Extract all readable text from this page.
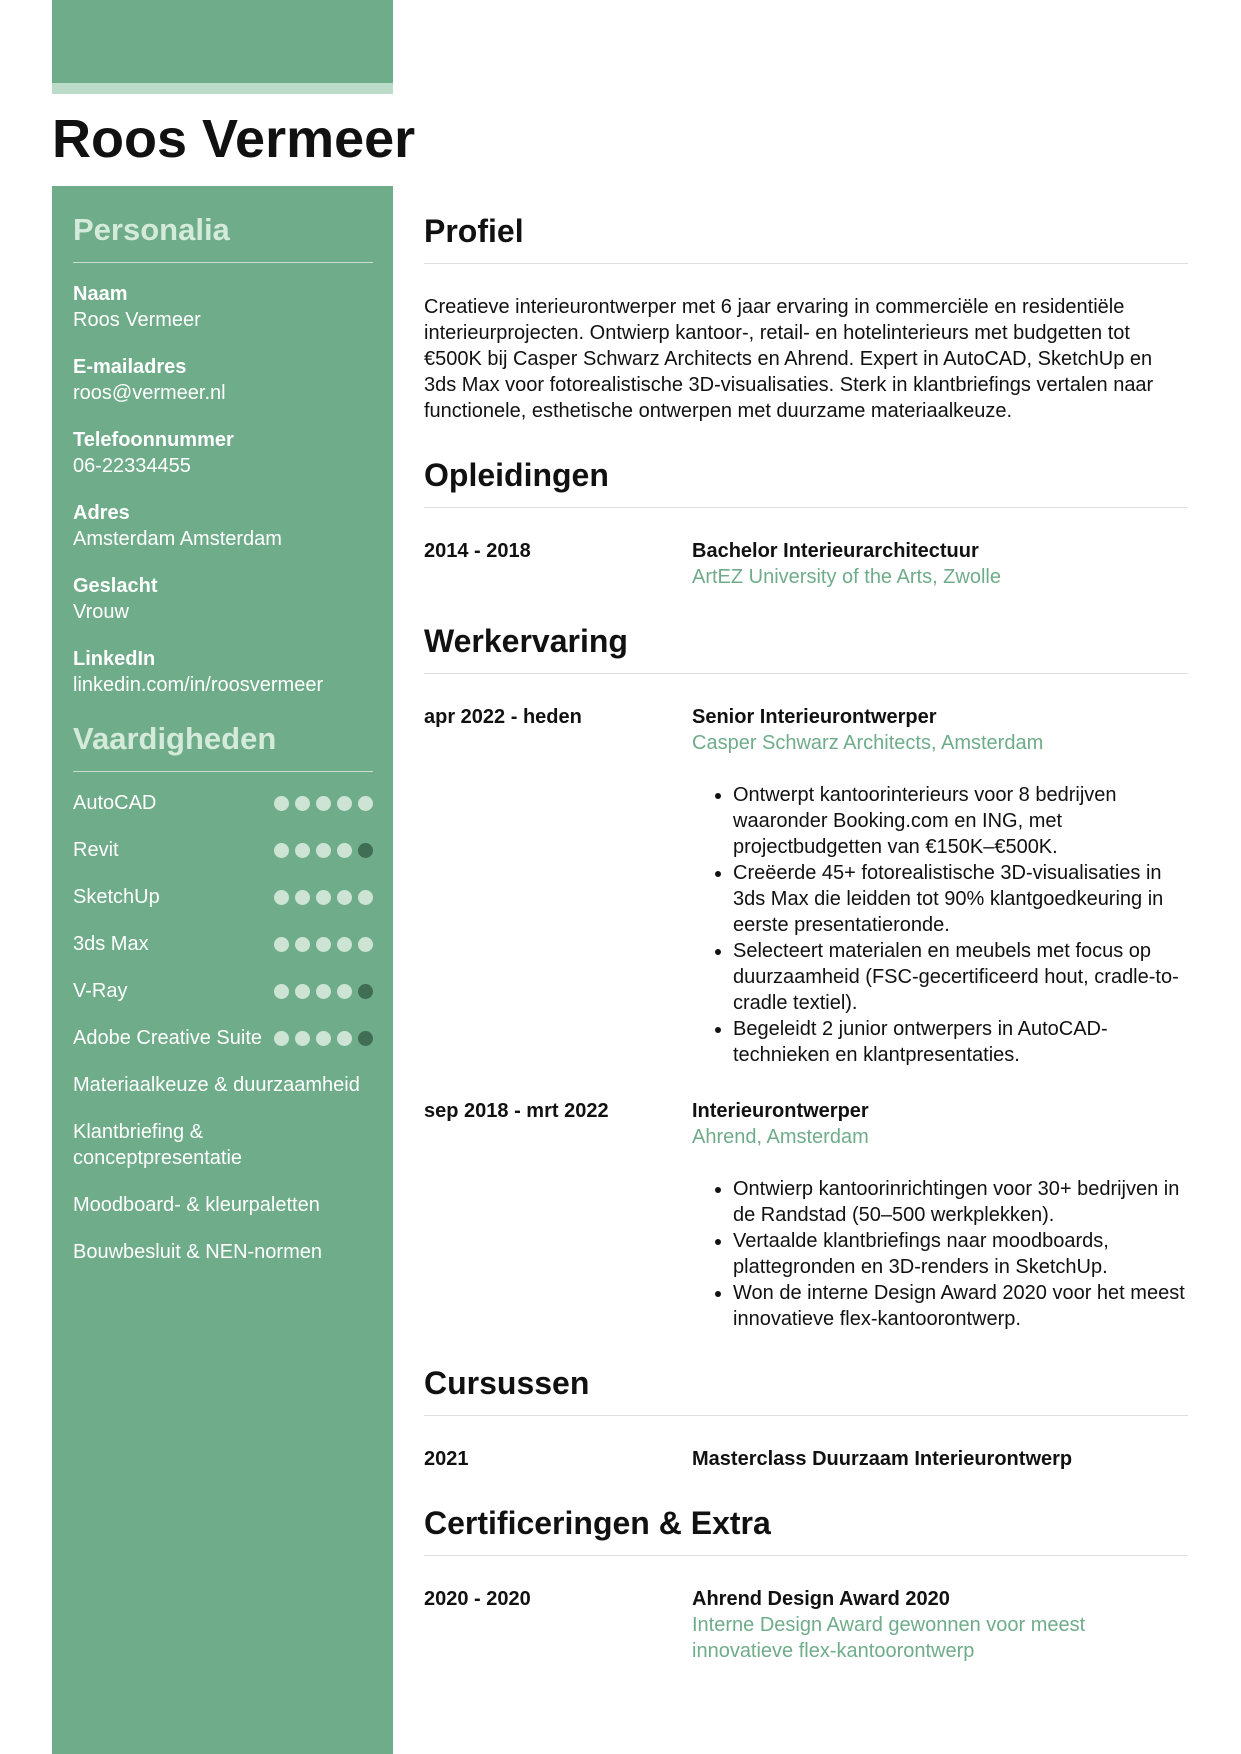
Roos Vermeer
Personalia
Naam
Roos Vermeer
E-mailadres
roos@vermeer.nl
Telefoonnummer
06-22334455
Adres
Amsterdam Amsterdam
Geslacht
Vrouw
LinkedIn
linkedin.com/in/roosvermeer
Vaardigheden
AutoCAD
Revit
SketchUp
3ds Max
V-Ray
Adobe Creative Suite
Materiaalkeuze & duurzaamheid
Klantbriefing & conceptpresentatie
Moodboard- & kleurpaletten
Bouwbesluit & NEN-normen
Profiel

Creatieve interieurontwerper met 6 jaar ervaring in commerciële en residentiële interieurprojecten. Ontwierp kantoor-, retail- en hotelinterieurs met budgetten tot €500K bij Casper Schwarz Architects en Ahrend. Expert in AutoCAD, SketchUp en 3ds Max voor fotorealistische 3D-visualisaties. Sterk in klantbriefings vertalen naar functionele, esthetische ontwerpen met duurzame materiaalkeuze.

Opleidingen
2014 - 2018	Bachelor Interieurarchitectuur
ArtEZ University of the Arts, Zwolle
Werkervaring
apr 2022 - heden	Senior Interieurontwerper
Casper Schwarz Architects, Amsterdam
• Ontwerpt kantoorinterieurs voor 8 bedrijven waaronder Booking.com en ING, met projectbudgetten van €150K–€500K.
• Creëerde 45+ fotorealistische 3D-visualisaties in 3ds Max die leidden tot 90% klantgoedkeuring in eerste presentatieronde.
• Selecteert materialen en meubels met focus op duurzaamheid (FSC-gecertificeerd hout, cradle-to-cradle textiel).
• Begeleidt 2 junior ontwerpers in AutoCAD-technieken en klantpresentaties.
sep 2018 - mrt 2022	Interieurontwerper
Ahrend, Amsterdam
• Ontwierp kantoorinrichtingen voor 30+ bedrijven in de Randstad (50–500 werkplekken).
• Vertaalde klantbriefings naar moodboards, plattegronden en 3D-renders in SketchUp.
• Won de interne Design Award 2020 voor het meest innovatieve flex-kantoorontwerp.
Cursussen
2021	Masterclass Duurzaam Interieurontwerp
Certificeringen & Extra
2020 - 2020	Ahrend Design Award 2020
Interne Design Award gewonnen voor meest innovatieve flex-kantoorontwerp
